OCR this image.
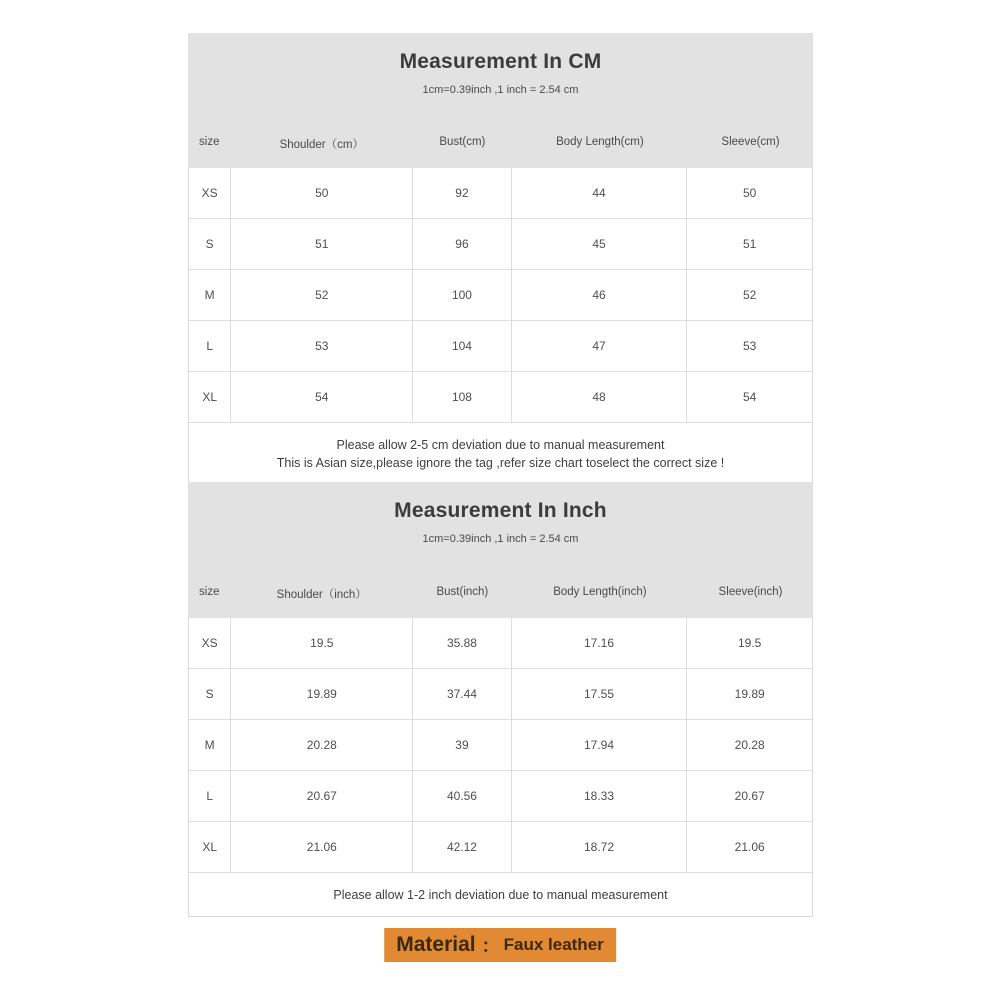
Measurement In CM
1cm=0.39inch ,1 inch = 2.54 cm
size	Shoulder（cm）	Bust(cm)	Body Length(cm)	Sleeve(cm)
XS	50	92	44	50
S	51	96	45	51
M	52	100	46	52
L	53	104	47	53
XL	54	108	48	54
Please allow 2-5 cm deviation due to manual measurement
This is Asian size,please ignore the tag ,refer size chart toselect the correct size !
Measurement In Inch
1cm=0.39inch ,1 inch = 2.54 cm
size	Shoulder（inch）	Bust(inch)	Body Length(inch)	Sleeve(inch)
XS	19.5	35.88	17.16	19.5
S	19.89	37.44	17.55	19.89
M	20.28	39	17.94	20.28
L	20.67	40.56	18.33	20.67
XL	21.06	42.12	18.72	21.06
Please allow 1-2 inch deviation due to manual measurement
Material ： Faux leather
